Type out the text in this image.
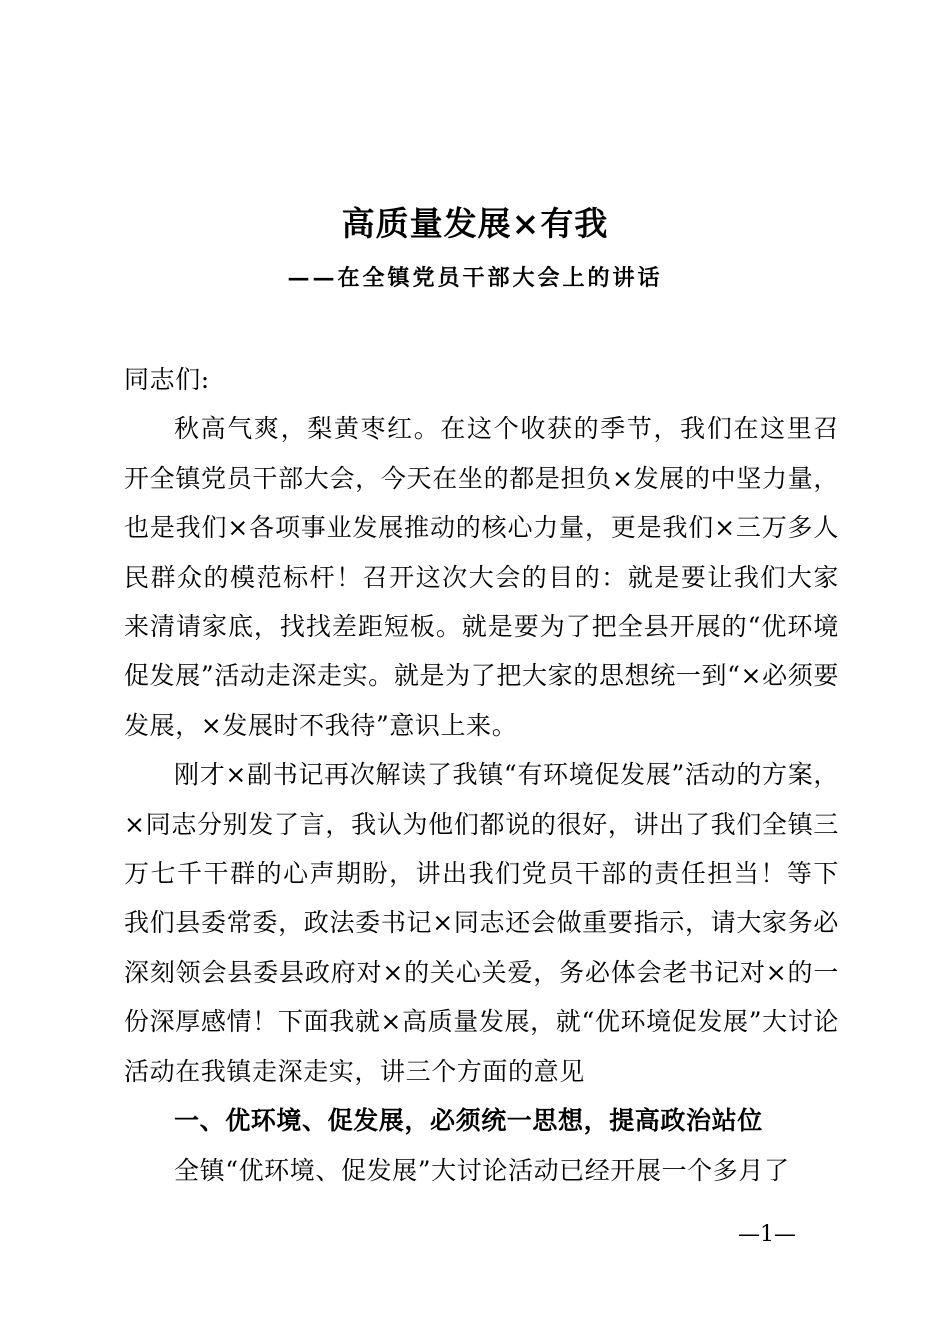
高质量发展×有我
——在全镇党员干部大会上的讲话

同志们:

秋高气爽，梨黄枣红。在这个收获的季节，我们在这里召开全镇党员干部大会，今天在坐的都是担负×发展的中坚力量，也是我们×各项事业发展推动的核心力量，更是我们×三万多人民群众的模范标杆！召开这次大会的目的：就是要让我们大家来清请家底，找找差距短板。就是要为了把全县开展的“优环境促发展”活动走深走实。就是为了把大家的思想统一到“×必须要发展，×发展时不我待”意识上来。

刚才×副书记再次解读了我镇“有环境促发展”活动的方案，×同志分别发了言，我认为他们都说的很好，讲出了我们全镇三万七千干群的心声期盼，讲出我们党员干部的责任担当！等下我们县委常委，政法委书记×同志还会做重要指示，请大家务必深刻领会县委县政府对×的关心关爱，务必体会老书记对×的一份深厚感情！下面我就×高质量发展，就“优环境促发展”大讨论活动在我镇走深走实，讲三个方面的意见

一、优环境、促发展，必须统一思想，提高政治站位

全镇“优环境、促发展”大讨论活动已经开展一个多月了

—1—
